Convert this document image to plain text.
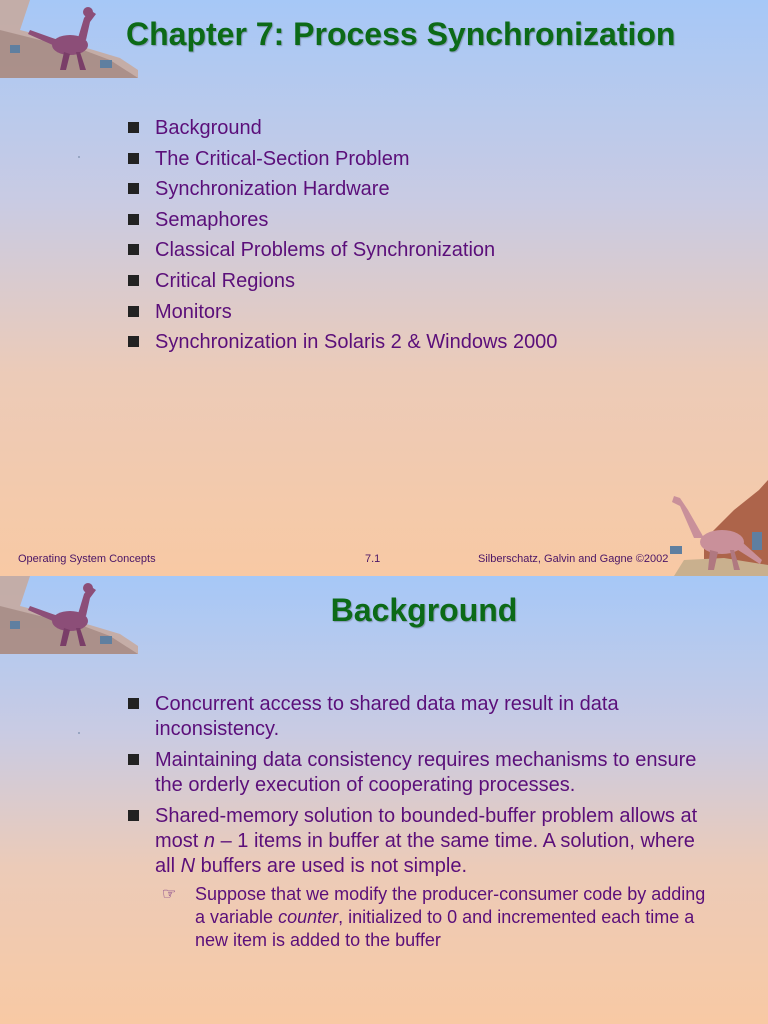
Chapter 7: Process Synchronization
Background
The Critical-Section Problem
Synchronization Hardware
Semaphores
Classical Problems of Synchronization
Critical Regions
Monitors
Synchronization in Solaris 2 & Windows 2000
Operating System Concepts	7.1	Silberschatz, Galvin and Gagne ©2002
Background
Concurrent access to shared data may result in data inconsistency.
Maintaining data consistency requires mechanisms to ensure the orderly execution of cooperating processes.
Shared-memory solution to bounded-buffer problem allows at most n – 1 items in buffer at the same time. A solution, where all N buffers are used is not simple.
☞ Suppose that we modify the producer-consumer code by adding a variable counter, initialized to 0 and incremented each time a new item is added to the buffer
